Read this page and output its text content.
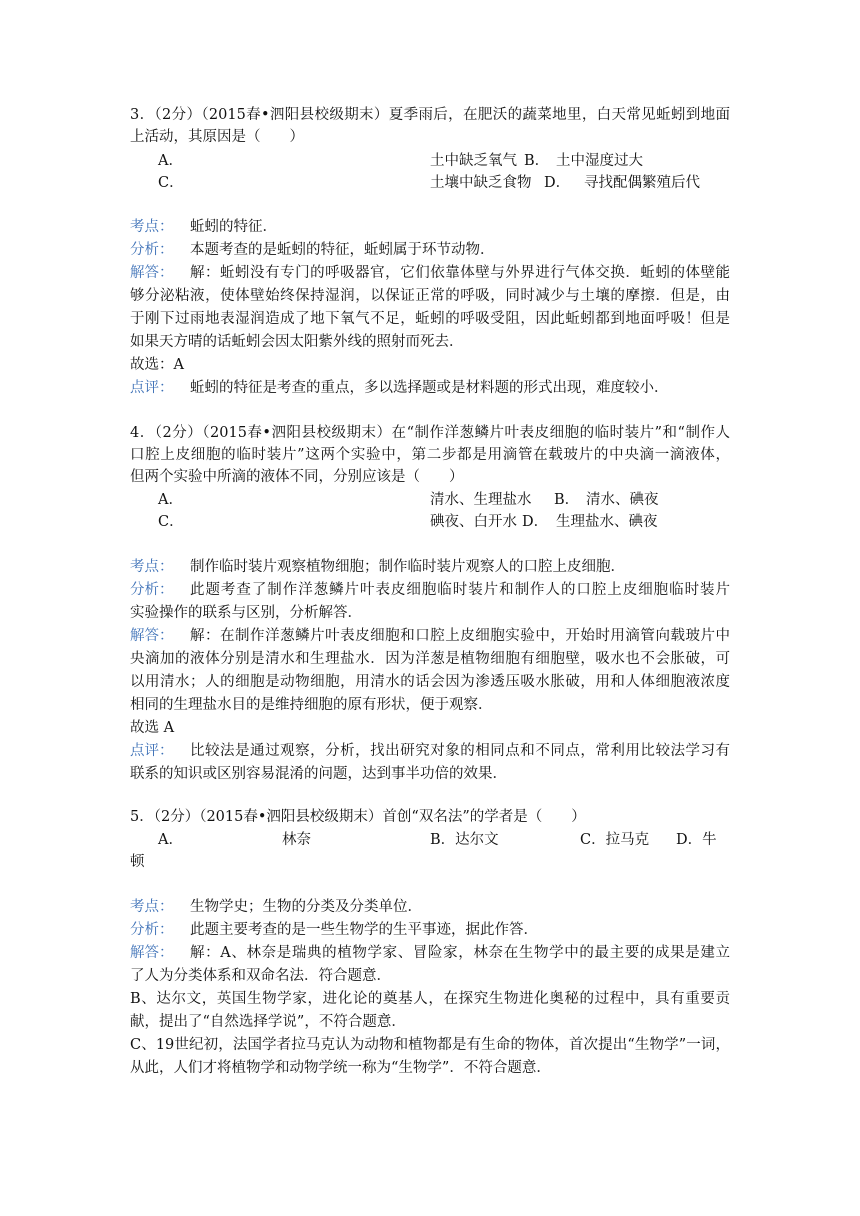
3．（2分）（2015春•泗阳县校级期末）夏季雨后，在肥沃的蔬菜地里，白天常见蚯蚓到地面
上活动，其原因是（　　）
A．	土中缺乏氧气 B． 土中湿度过大
C．	土壤中缺乏食物 D． 寻找配偶繁殖后代
考点： 蚯蚓的特征．
分析： 本题考查的是蚯蚓的特征，蚯蚓属于环节动物．
解答： 解：蚯蚓没有专门的呼吸器官，它们依靠体壁与外界进行气体交换．蚯蚓的体壁能
够分泌粘液，使体壁始终保持湿润，以保证正常的呼吸，同时减少与土壤的摩擦．但是，由
于刚下过雨地表湿润造成了地下氧气不足，蚯蚓的呼吸受阻，因此蚯蚓都到地面呼吸！但是
如果天方晴的话蚯蚓会因太阳紫外线的照射而死去．
故选：A
点评： 蚯蚓的特征是考查的重点，多以选择题或是材料题的形式出现，难度较小．
4．（2分）（2015春•泗阳县校级期末）在“制作洋葱鳞片叶表皮细胞的临时装片”和“制作人
口腔上皮细胞的临时装片”这两个实验中，第二步都是用滴管在载玻片的中央滴一滴液体，
但两个实验中所滴的液体不同，分别应该是（　　）
A．	清水、生理盐水 B． 清水、碘夜
C．	碘夜、白开水 D． 生理盐水、碘夜
考点： 制作临时装片观察植物细胞；制作临时装片观察人的口腔上皮细胞．
分析： 此题考查了制作洋葱鳞片叶表皮细胞临时装片和制作人的口腔上皮细胞临时装片
实验操作的联系与区别，分析解答．
解答： 解：在制作洋葱鳞片叶表皮细胞和口腔上皮细胞实验中，开始时用滴管向载玻片中
央滴加的液体分别是清水和生理盐水．因为洋葱是植物细胞有细胞壁，吸水也不会胀破，可
以用清水；人的细胞是动物细胞，用清水的话会因为渗透压吸水胀破，用和人体细胞液浓度
相同的生理盐水目的是维持细胞的原有形状，便于观察．
故选 A
点评： 比较法是通过观察，分析，找出研究对象的相同点和不同点，常利用比较法学习有
联系的知识或区别容易混淆的问题，达到事半功倍的效果．
5．（2分）（2015春•泗阳县校级期末）首创“双名法”的学者是（　　）
A．	林奈	B．达尔文	C．拉马克 D．牛
顿
考点： 生物学史；生物的分类及分类单位．
分析： 此题主要考查的是一些生物学的生平事迹，据此作答．
解答： 解：A、林奈是瑞典的植物学家、冒险家，林奈在生物学中的最主要的成果是建立
了人为分类体系和双命名法．符合题意．
B、达尔文，英国生物学家，进化论的奠基人，在探究生物进化奥秘的过程中，具有重要贡
献，提出了“自然选择学说”，不符合题意．
C、19世纪初，法国学者拉马克认为动物和植物都是有生命的物体，首次提出“生物学”一词，
从此，人们才将植物学和动物学统一称为“生物学”．不符合题意．
